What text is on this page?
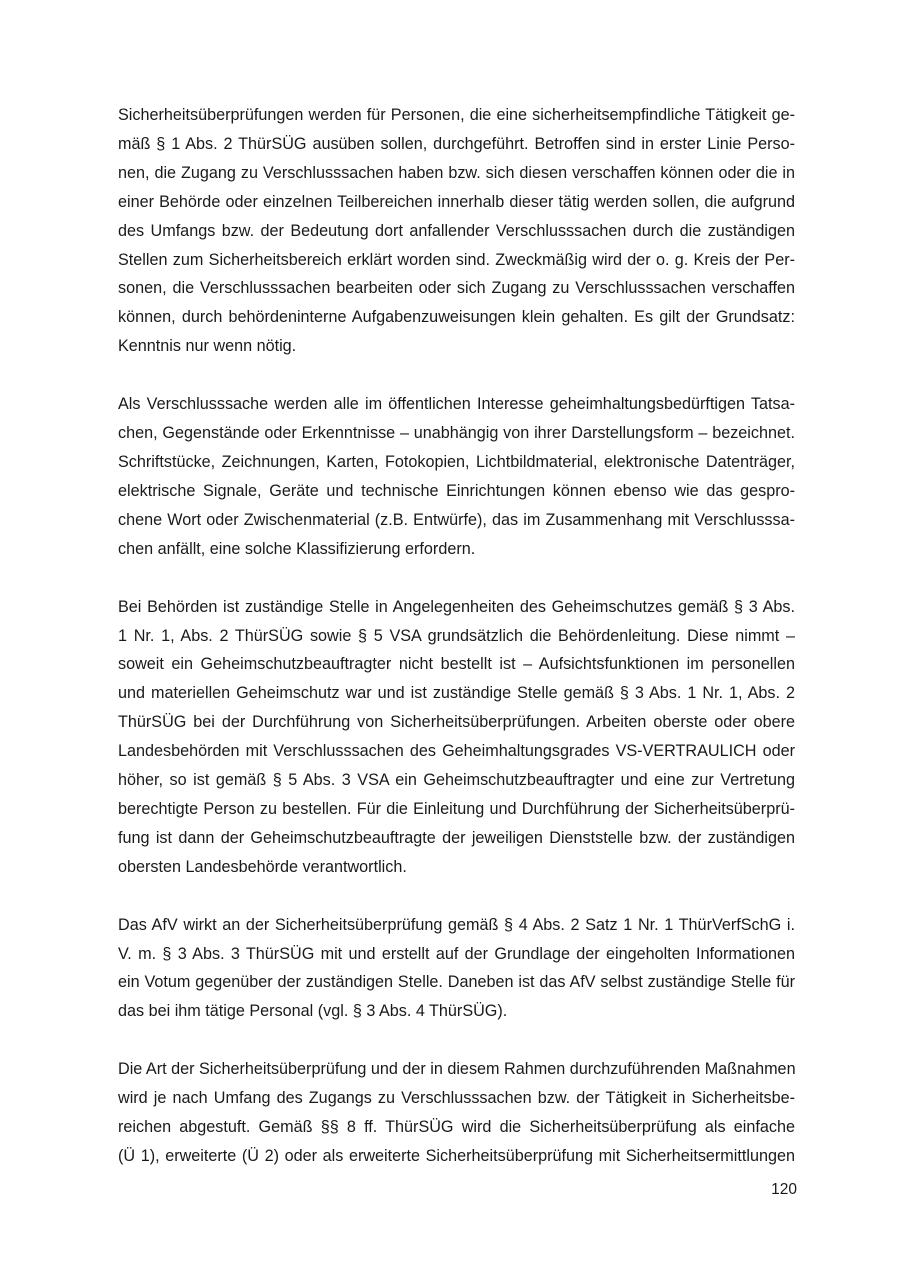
Sicherheitsüberprüfungen werden für Personen, die eine sicherheitsempfindliche Tätigkeit ge-
mäß § 1 Abs. 2 ThürSÜG ausüben sollen, durchgeführt. Betroffen sind in erster Linie Perso-
nen, die Zugang zu Verschlusssachen haben bzw. sich diesen verschaffen können oder die in
einer Behörde oder einzelnen Teilbereichen innerhalb dieser tätig werden sollen, die aufgrund
des Umfangs bzw. der Bedeutung dort anfallender Verschlusssachen durch die zuständigen
Stellen zum Sicherheitsbereich erklärt worden sind. Zweckmäßig wird der o. g. Kreis der Per-
sonen, die Verschlusssachen bearbeiten oder sich Zugang zu Verschlusssachen verschaffen
können, durch behördeninterne Aufgabenzuweisungen klein gehalten. Es gilt der Grundsatz:
Kenntnis nur wenn nötig.

Als Verschlusssache werden alle im öffentlichen Interesse geheimhaltungsbedürftigen Tatsa-
chen, Gegenstände oder Erkenntnisse – unabhängig von ihrer Darstellungsform – bezeichnet.
Schriftstücke, Zeichnungen, Karten, Fotokopien, Lichtbildmaterial, elektronische Datenträger,
elektrische Signale, Geräte und technische Einrichtungen können ebenso wie das gespro-
chene Wort oder Zwischenmaterial (z.B. Entwürfe), das im Zusammenhang mit Verschlusssa-
chen anfällt, eine solche Klassifizierung erfordern.

Bei Behörden ist zuständige Stelle in Angelegenheiten des Geheimschutzes gemäß § 3 Abs.
1 Nr. 1, Abs. 2 ThürSÜG sowie § 5 VSA grundsätzlich die Behördenleitung. Diese nimmt –
soweit ein Geheimschutzbeauftragter nicht bestellt ist – Aufsichtsfunktionen im personellen
und materiellen Geheimschutz war und ist zuständige Stelle gemäß § 3 Abs. 1 Nr. 1, Abs. 2
ThürSÜG bei der Durchführung von Sicherheitsüberprüfungen. Arbeiten oberste oder obere
Landesbehörden mit Verschlusssachen des Geheimhaltungsgrades VS-VERTRAULICH oder
höher, so ist gemäß § 5 Abs. 3 VSA ein Geheimschutzbeauftragter und eine zur Vertretung
berechtigte Person zu bestellen. Für die Einleitung und Durchführung der Sicherheitsüberprü-
fung ist dann der Geheimschutzbeauftragte der jeweiligen Dienststelle bzw. der zuständigen
obersten Landesbehörde verantwortlich.

Das AfV wirkt an der Sicherheitsüberprüfung gemäß § 4 Abs. 2 Satz 1 Nr. 1 ThürVerfSchG i.
V. m. § 3 Abs. 3 ThürSÜG mit und erstellt auf der Grundlage der eingeholten Informationen
ein Votum gegenüber der zuständigen Stelle. Daneben ist das AfV selbst zuständige Stelle für
das bei ihm tätige Personal (vgl. § 3 Abs. 4 ThürSÜG).

Die Art der Sicherheitsüberprüfung und der in diesem Rahmen durchzuführenden Maßnahmen
wird je nach Umfang des Zugangs zu Verschlusssachen bzw. der Tätigkeit in Sicherheitsbe-
reichen abgestuft. Gemäß §§ 8 ff. ThürSÜG wird die Sicherheitsüberprüfung als einfache
(Ü 1), erweiterte (Ü 2) oder als erweiterte Sicherheitsüberprüfung mit Sicherheitsermittlungen

120
